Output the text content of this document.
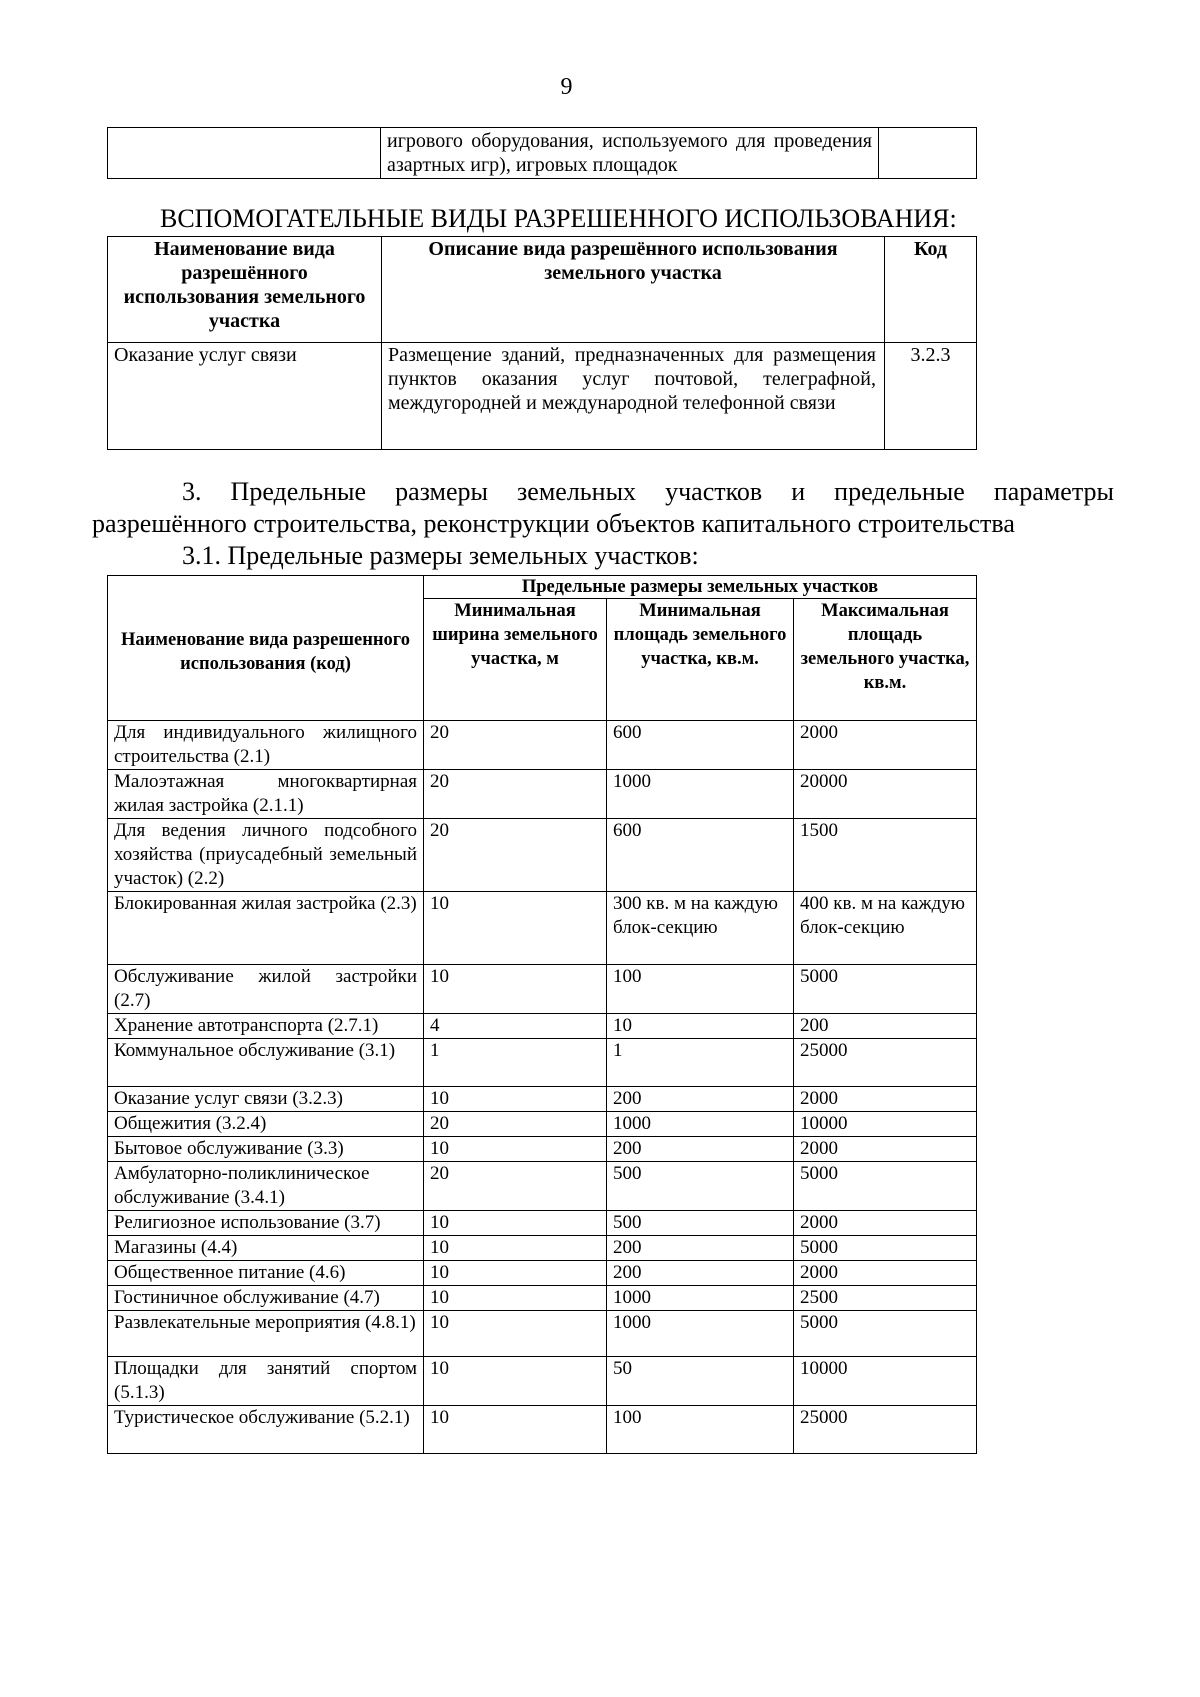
9
	игрового оборудования, используемого для проведения азартных игр), игровых площадок	
ВСПОМОГАТЕЛЬНЫЕ ВИДЫ РАЗРЕШЕННОГО ИСПОЛЬЗОВАНИЯ:
Наименование вида разрешённого использования земельного участка	Описание вида разрешённого использования земельного участка	Код
Оказание услуг связи	Размещение зданий, предназначенных для размещения пунктов оказания услуг почтовой, телеграфной, междугородней и международной телефонной связи	3.2.3
3. Предельные размеры земельных участков и предельные параметры разрешённого строительства, реконструкции объектов капитального строительства
3.1. Предельные размеры земельных участков:
Наименование вида разрешенного использования (код)	Предельные размеры земельных участков		
	Минимальная ширина земельного участка, м	Минимальная площадь земельного участка, кв.м.	Максимальная площадь земельного участка, кв.м.
Для индивидуального жилищного строительства (2.1)	20	600	2000
Малоэтажная многоквартирная жилая застройка (2.1.1)	20	1000	20000
Для ведения личного подсобного хозяйства (приусадебный земельный участок) (2.2)	20	600	1500
Блокированная жилая застройка (2.3)	10	300 кв. м на каждую блок-секцию	400 кв. м на каждую блок-секцию
Обслуживание жилой застройки (2.7)	10	100	5000
Хранение автотранспорта (2.7.1)	4	10	200
Коммунальное обслуживание (3.1)	1	1	25000
Оказание услуг связи (3.2.3)	10	200	2000
Общежития (3.2.4)	20	1000	10000
Бытовое обслуживание (3.3)	10	200	2000
Амбулаторно-поликлиническое обслуживание (3.4.1)	20	500	5000
Религиозное использование (3.7)	10	500	2000
Магазины (4.4)	10	200	5000
Общественное питание (4.6)	10	200	2000
Гостиничное обслуживание (4.7)	10	1000	2500
Развлекательные мероприятия (4.8.1)	10	1000	5000
Площадки для занятий спортом (5.1.3)	10	50	10000
Туристическое обслуживание (5.2.1)	10	100	25000
